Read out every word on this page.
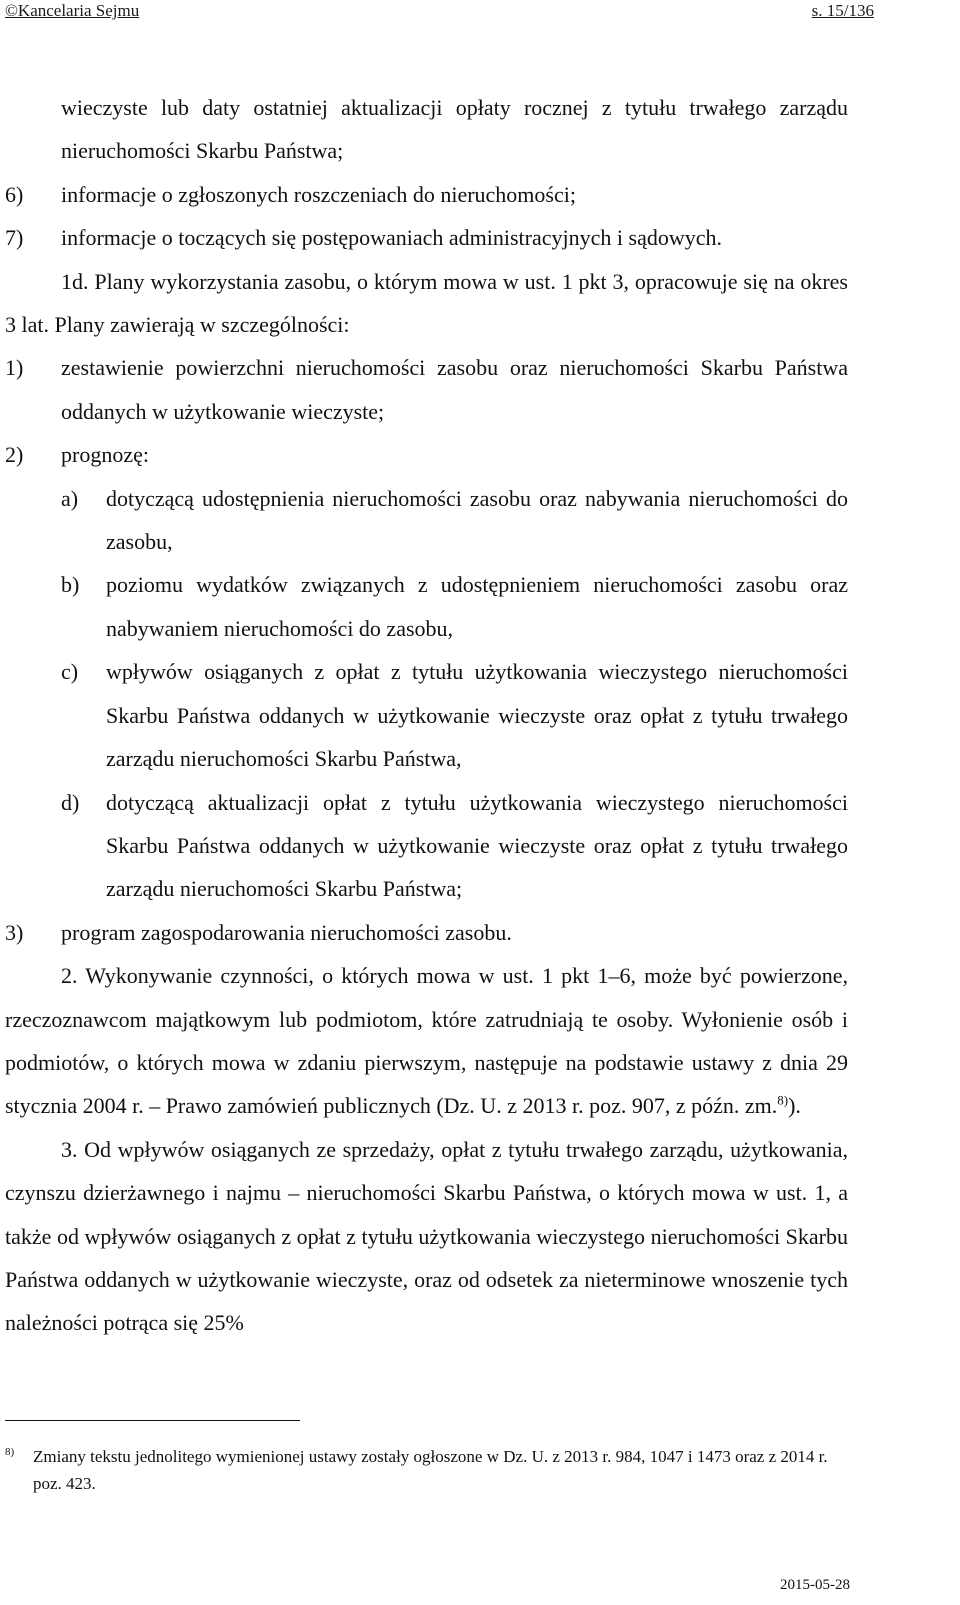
©Kancelaria Sejmu	s. 15/136

wieczyste lub daty ostatniej aktualizacji opłaty rocznej z tytułu trwałego zarządu nieruchomości Skarbu Państwa;

6)	informacje o zgłoszonych roszczeniach do nieruchomości;
7)	informacje o toczących się postępowaniach administracyjnych i sądowych.

1d. Plany wykorzystania zasobu, o którym mowa w ust. 1 pkt 3, opracowuje się na okres 3 lat. Plany zawierają w szczególności:

1)	zestawienie powierzchni nieruchomości zasobu oraz nieruchomości Skarbu Państwa oddanych w użytkowanie wieczyste;
2)	prognozę:
a)	dotyczącą udostępnienia nieruchomości zasobu oraz nabywania nieruchomości do zasobu,
b)	poziomu wydatków związanych z udostępnieniem nieruchomości zasobu oraz nabywaniem nieruchomości do zasobu,
c)	wpływów osiąganych z opłat z tytułu użytkowania wieczystego nieruchomości Skarbu Państwa oddanych w użytkowanie wieczyste oraz opłat z tytułu trwałego zarządu nieruchomości Skarbu Państwa,
d)	dotyczącą aktualizacji opłat z tytułu użytkowania wieczystego nieruchomości Skarbu Państwa oddanych w użytkowanie wieczyste oraz opłat z tytułu trwałego zarządu nieruchomości Skarbu Państwa;
3)	program zagospodarowania nieruchomości zasobu.

2. Wykonywanie czynności, o których mowa w ust. 1 pkt 1–6, może być powierzone, rzeczoznawcom majątkowym lub podmiotom, które zatrudniają te osoby. Wyłonienie osób i podmiotów, o których mowa w zdaniu pierwszym, następuje na podstawie ustawy z dnia 29 stycznia 2004 r. – Prawo zamówień publicznych (Dz. U. z 2013 r. poz. 907, z późn. zm.$^{8)}$).

3. Od wpływów osiąganych ze sprzedaży, opłat z tytułu trwałego zarządu, użytkowania, czynszu dzierżawnego i najmu – nieruchomości Skarbu Państwa, o których mowa w ust. 1, a także od wpływów osiąganych z opłat z tytułu użytkowania wieczystego nieruchomości Skarbu Państwa oddanych w użytkowanie wieczyste, oraz od odsetek za nieterminowe wnoszenie tych należności potrąca się 25%

8)	Zmiany tekstu jednolitego wymienionej ustawy zostały ogłoszone w Dz. U. z 2013 r. 984, 1047 i 1473 oraz z 2014 r. poz. 423.
2015-05-28
